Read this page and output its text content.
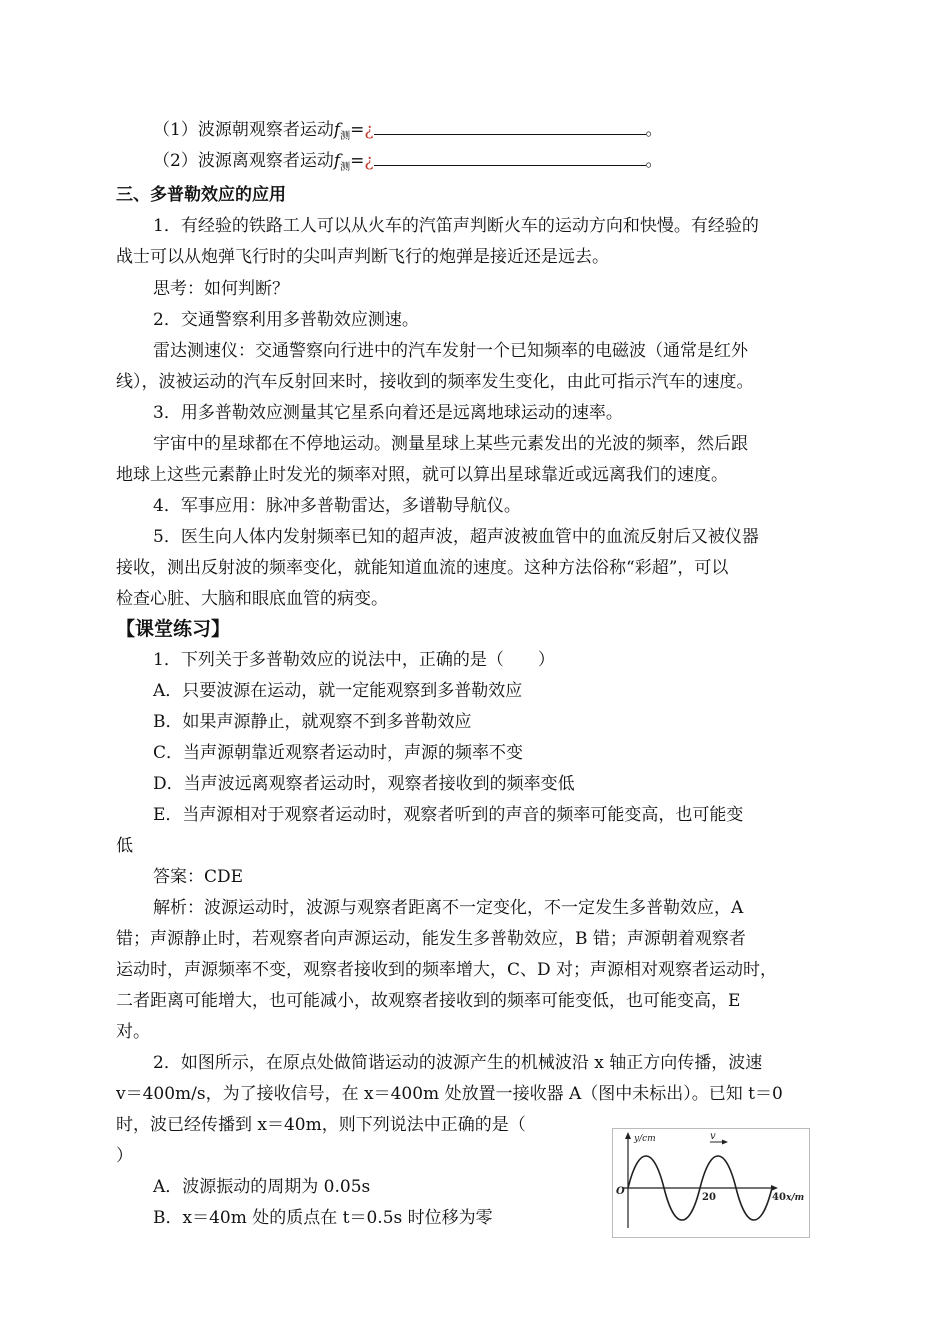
（1）波源朝观察者运动$f_测=¿$	。
（2）波源离观察者运动$f_测=¿$	。
三、多普勒效应的应用
1．有经验的铁路工人可以从火车的汽笛声判断火车的运动方向和快慢。有经验的
战士可以从炮弹飞行时的尖叫声判断飞行的炮弹是接近还是远去。
思考：如何判断？
2．交通警察利用多普勒效应测速。
雷达测速仪：交通警察向行进中的汽车发射一个已知频率的电磁波（通常是红外
线），波被运动的汽车反射回来时，接收到的频率发生变化，由此可指示汽车的速度。
3．用多普勒效应测量其它星系向着还是远离地球运动的速率。
宇宙中的星球都在不停地运动。测量星球上某些元素发出的光波的频率，然后跟
地球上这些元素静止时发光的频率对照，就可以算出星球靠近或远离我们的速度。
4．军事应用：脉冲多普勒雷达，多谱勒导航仪。
5．医生向人体内发射频率已知的超声波，超声波被血管中的血流反射后又被仪器
接收，测出反射波的频率变化，就能知道血流的速度。这种方法俗称“彩超”，可以
检查心脏、大脑和眼底血管的病变。
【课堂练习】
1．下列关于多普勒效应的说法中，正确的是（　　）
A．只要波源在运动，就一定能观察到多普勒效应
B．如果声源静止，就观察不到多普勒效应
C．当声源朝靠近观察者运动时，声源的频率不变
D．当声波远离观察者运动时，观察者接收到的频率变低
E．当声源相对于观察者运动时，观察者听到的声音的频率可能变高，也可能变
低
答案：CDE
解析：波源运动时，波源与观察者距离不一定变化，不一定发生多普勒效应，A
错；声源静止时，若观察者向声源运动，能发生多普勒效应，B 错；声源朝着观察者
运动时，声源频率不变，观察者接收到的频率增大，C、D 对；声源相对观察者运动时，
二者距离可能增大，也可能减小，故观察者接收到的频率可能变低，也可能变高，E
对。
2．如图所示，在原点处做简谐运动的波源产生的机械波沿 x 轴正方向传播，波速
v＝400m/s，为了接收信号，在 x＝400m 处放置一接收器 A（图中未标出）。已知 t＝0
时，波已经传播到 x＝40m，则下列说法中正确的是（
）
A．波源振动的周期为 0.05s
B．x＝40m 处的质点在 t＝0.5s 时位移为零
v
y/cm
O
20	40 x/m
